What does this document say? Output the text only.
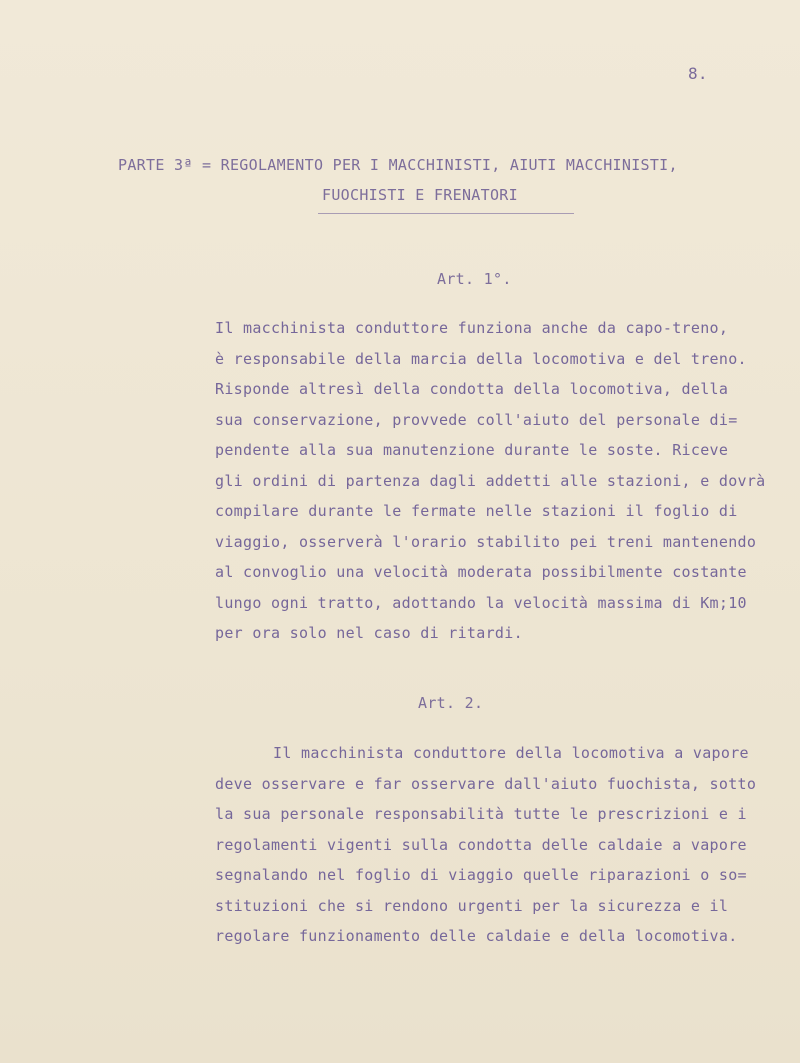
8.
PARTE 3ª = REGOLAMENTO PER I MACCHINISTI, AIUTI MACCHINISTI,
FUOCHISTI E FRENATORI
Art. 1°.
Il macchinista conduttore funziona anche da capo-treno,
è responsabile della marcia della locomotiva e del treno.
Risponde altresì della condotta della locomotiva, della
sua conservazione, provvede coll'aiuto del personale di=
pendente alla sua manutenzione durante le soste. Riceve
gli ordini di partenza dagli addetti alle stazioni, e dovrà
compilare durante le fermate nelle stazioni il foglio di
viaggio, osserverà l'orario stabilito pei treni mantenendo
al convoglio una velocità moderata possibilmente costante
lungo ogni tratto, adottando la velocità massima di Km;10
per ora solo nel caso di ritardi.
Art. 2.
Il macchinista conduttore della locomotiva a vapore
deve osservare e far osservare dall'aiuto fuochista, sotto
la sua personale responsabilità tutte le prescrizioni e i
regolamenti vigenti sulla condotta delle caldaie a vapore
segnalando nel foglio di viaggio quelle riparazioni o so=
stituzioni che si rendono urgenti per la sicurezza e il
regolare funzionamento delle caldaie e della locomotiva.
